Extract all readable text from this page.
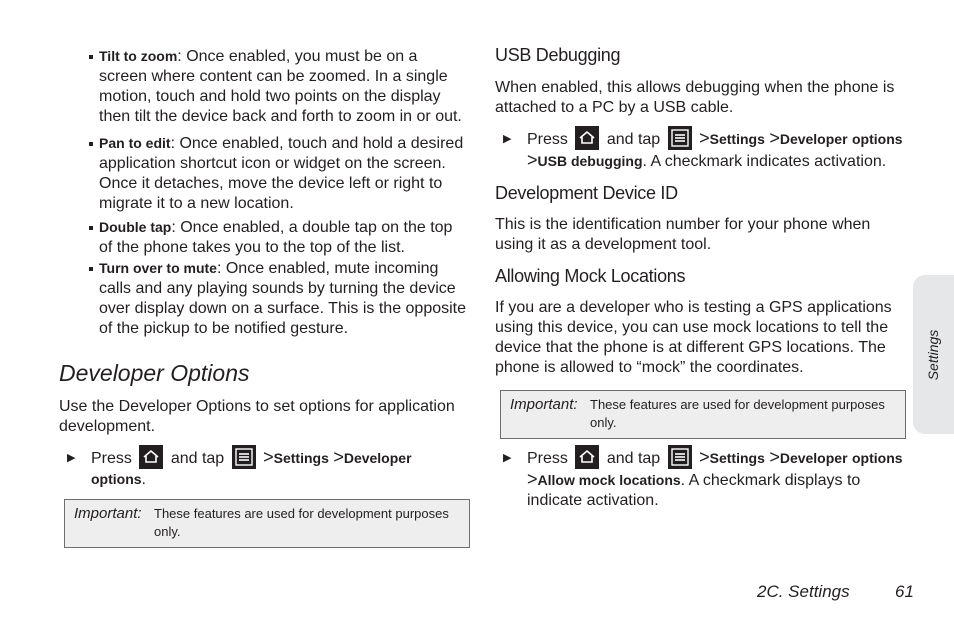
Tilt to zoom: Once enabled, you must be on a screen where content can be zoomed. In a single motion, touch and hold two points on the display then tilt the device back and forth to zoom in or out.
Pan to edit: Once enabled, touch and hold a desired application shortcut icon or widget on the screen. Once it detaches, move the device left or right to migrate it to a new location.
Double tap: Once enabled, a double tap on the top of the phone takes you to the top of the list.
Turn over to mute: Once enabled, mute incoming calls and any playing sounds by turning the device over display down on a surface. This is the opposite of the pickup to be notified gesture.
Developer Options

Use the Developer Options to set options for application development.

▶ Press and tap >Settings >Developer options.
Important: These features are used for development purposes only.
USB Debugging

When enabled, this allows debugging when the phone is attached to a PC by a USB cable.

▶ Press and tap >Settings >Developer options >USB debugging. A checkmark indicates activation.
Development Device ID

This is the identification number for your phone when using it as a development tool.

Allowing Mock Locations

If you are a developer who is testing a GPS applications using this device, you can use mock locations to tell the device that the phone is at different GPS locations. The phone is allowed to “mock” the coordinates.

Important: These features are used for development purposes only.
▶ Press and tap >Settings >Developer options >Allow mock locations. A checkmark displays to indicate activation.
Settings
2C. Settings	61
